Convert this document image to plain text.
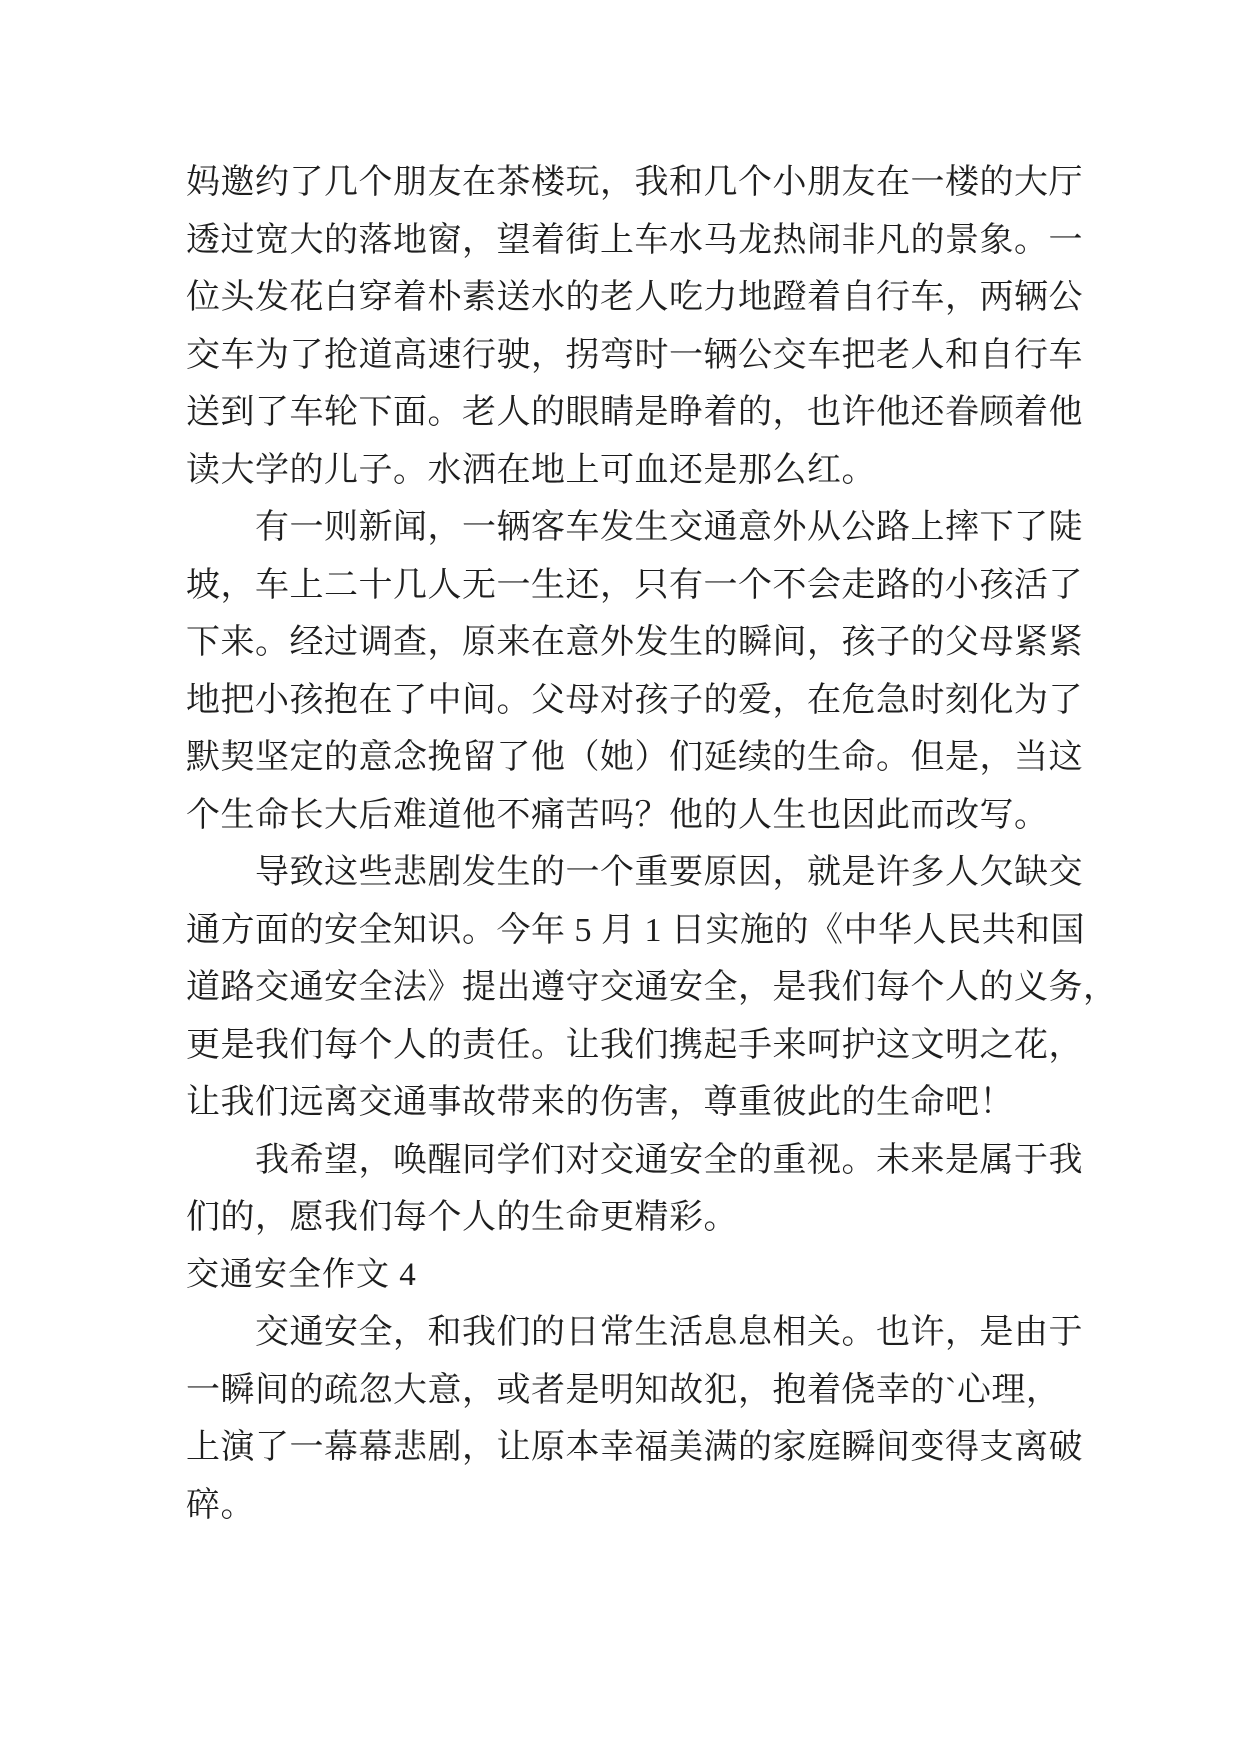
妈邀约了几个朋友在茶楼玩，我和几个小朋友在一楼的大厅
透过宽大的落地窗，望着街上车水马龙热闹非凡的景象。一
位头发花白穿着朴素送水的老人吃力地蹬着自行车，两辆公
交车为了抢道高速行驶，拐弯时一辆公交车把老人和自行车
送到了车轮下面。老人的眼睛是睁着的，也许他还眷顾着他
读大学的儿子。水洒在地上可血还是那么红。
有一则新闻，一辆客车发生交通意外从公路上摔下了陡
坡，车上二十几人无一生还，只有一个不会走路的小孩活了
下来。经过调查，原来在意外发生的瞬间，孩子的父母紧紧
地把小孩抱在了中间。父母对孩子的爱，在危急时刻化为了
默契坚定的意念挽留了他（她）们延续的生命。但是，当这
个生命长大后难道他不痛苦吗？他的人生也因此而改写。
导致这些悲剧发生的一个重要原因，就是许多人欠缺交
通方面的安全知识。今年 5 月 1 日实施的《中华人民共和国
道路交通安全法》提出遵守交通安全，是我们每个人的义务，
更是我们每个人的责任。让我们携起手来呵护这文明之花，
让我们远离交通事故带来的伤害，尊重彼此的生命吧！
我希望，唤醒同学们对交通安全的重视。未来是属于我
们的，愿我们每个人的生命更精彩。
交通安全作文 4
交通安全，和我们的日常生活息息相关。也许，是由于
一瞬间的疏忽大意，或者是明知故犯，抱着侥幸的`心理，
上演了一幕幕悲剧，让原本幸福美满的家庭瞬间变得支离破
碎。
